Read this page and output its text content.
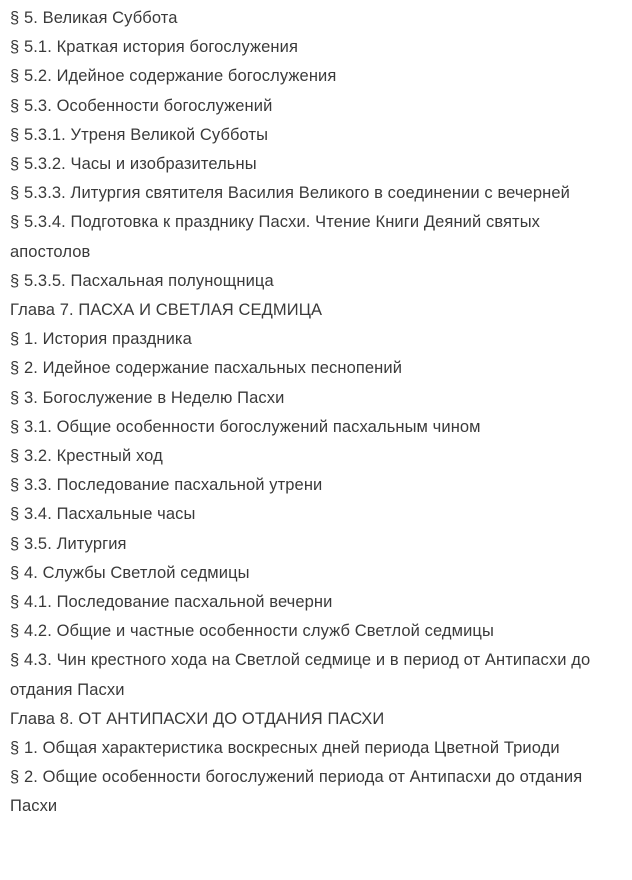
§ 5. Великая Суббота
§ 5.1. Краткая история богослужения
§ 5.2. Идейное содержание богослужения
§ 5.3. Особенности богослужений
§ 5.3.1. Утреня Великой Субботы
§ 5.3.2. Часы и изобразительны
§ 5.3.3. Литургия святителя Василия Великого в соединении с вечерней
§ 5.3.4. Подготовка к празднику Пасхи. Чтение Книги Деяний святых апостолов
§ 5.3.5. Пасхальная полунощница
Глава 7. ПАСХА И СВЕТЛАЯ СЕДМИЦА
§ 1. История праздника
§ 2. Идейное содержание пасхальных песнопений
§ 3. Богослужение в Неделю Пасхи
§ 3.1. Общие особенности богослужений пасхальным чином
§ 3.2. Крестный ход
§ 3.3. Последование пасхальной утрени
§ 3.4. Пасхальные часы
§ 3.5. Литургия
§ 4. Службы Светлой седмицы
§ 4.1. Последование пасхальной вечерни
§ 4.2. Общие и частные особенности служб Светлой седмицы
§ 4.3. Чин крестного хода на Светлой седмице и в период от Антипасхи до отдания Пасхи
Глава 8. ОТ АНТИПАСХИ ДО ОТДАНИЯ ПАСХИ
§ 1. Общая характеристика воскресных дней периода Цветной Триоди
§ 2. Общие особенности богослужений периода от Антипасхи до отдания Пасхи
